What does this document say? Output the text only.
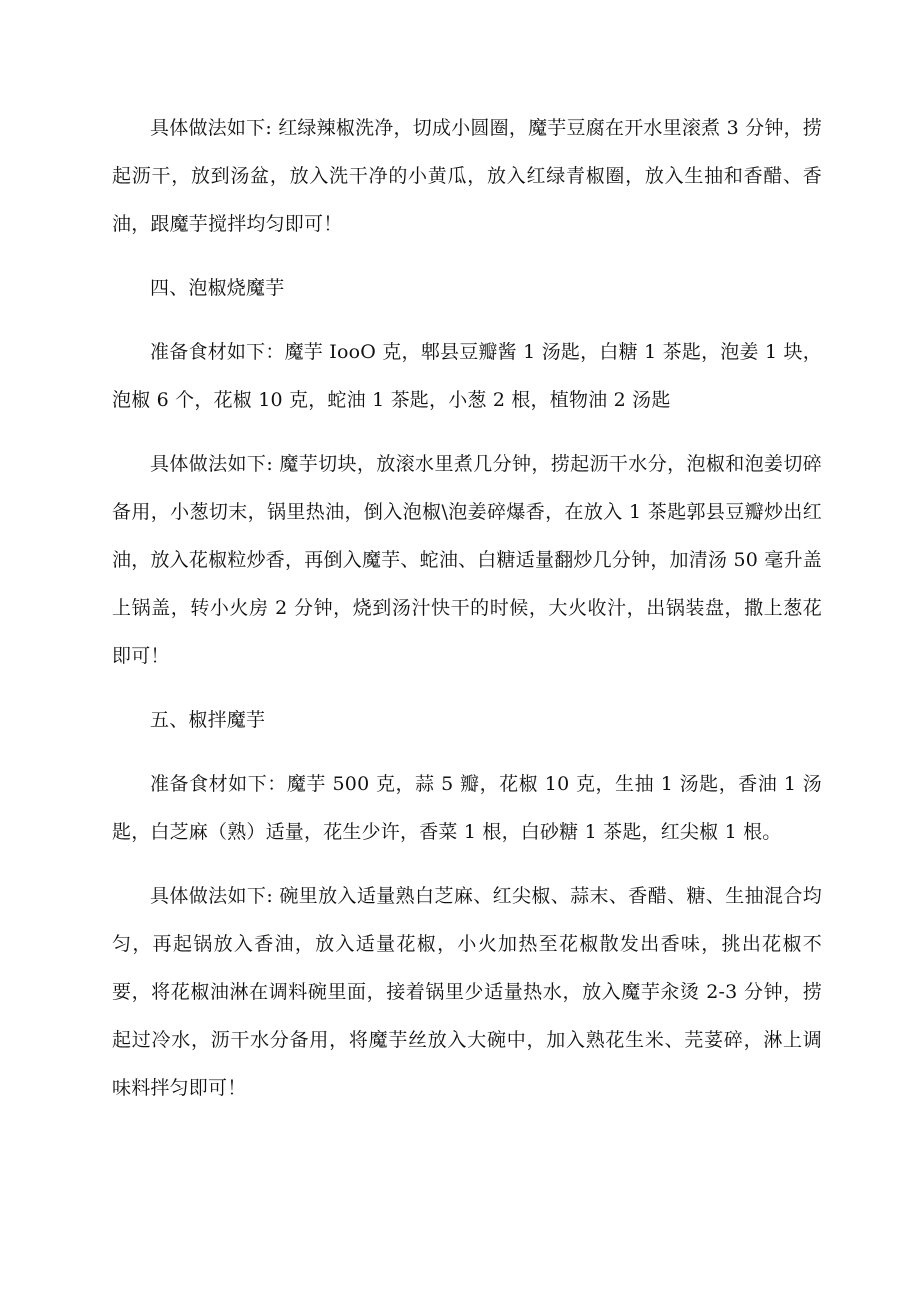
具体做法如下: 红绿辣椒洗净，切成小圆圈，魔芋豆腐在开水里滚煮 3 分钟，捞起沥干，放到汤盆，放入洗干净的小黄瓜，放入红绿青椒圈，放入生抽和香醋、香油，跟魔芋搅拌均匀即可！

四、泡椒烧魔芋

准备食材如下：魔芋 IooO 克，郫县豆瓣酱 1 汤匙，白糖 1 茶匙，泡姜 1 块，泡椒 6 个，花椒 10 克，蛇油 1 茶匙，小葱 2 根，植物油 2 汤匙

具体做法如下: 魔芋切块，放滚水里煮几分钟，捞起沥干水分，泡椒和泡姜切碎备用，小葱切末，锅里热油，倒入泡椒\泡姜碎爆香，在放入 1 茶匙郭县豆瓣炒出红油，放入花椒粒炒香，再倒入魔芋、蛇油、白糖适量翻炒几分钟，加清汤 50 毫升盖上锅盖，转小火房 2 分钟，烧到汤汁快干的时候，大火收汁，出锅装盘，撒上葱花即可！

五、椒拌魔芋

准备食材如下：魔芋 500 克，蒜 5 瓣，花椒 10 克，生抽 1 汤匙，香油 1 汤匙，白芝麻（熟）适量，花生少许，香菜 1 根，白砂糖 1 茶匙，红尖椒 1 根。

具体做法如下: 碗里放入适量熟白芝麻、红尖椒、蒜末、香醋、糖、生抽混合均匀，再起锅放入香油，放入适量花椒，小火加热至花椒散发出香味，挑出花椒不要，将花椒油淋在调料碗里面，接着锅里少适量热水，放入魔芋汆烫 2-3 分钟，捞起过冷水，沥干水分备用，将魔芋丝放入大碗中，加入熟花生米、芫荽碎，淋上调味料拌匀即可！
